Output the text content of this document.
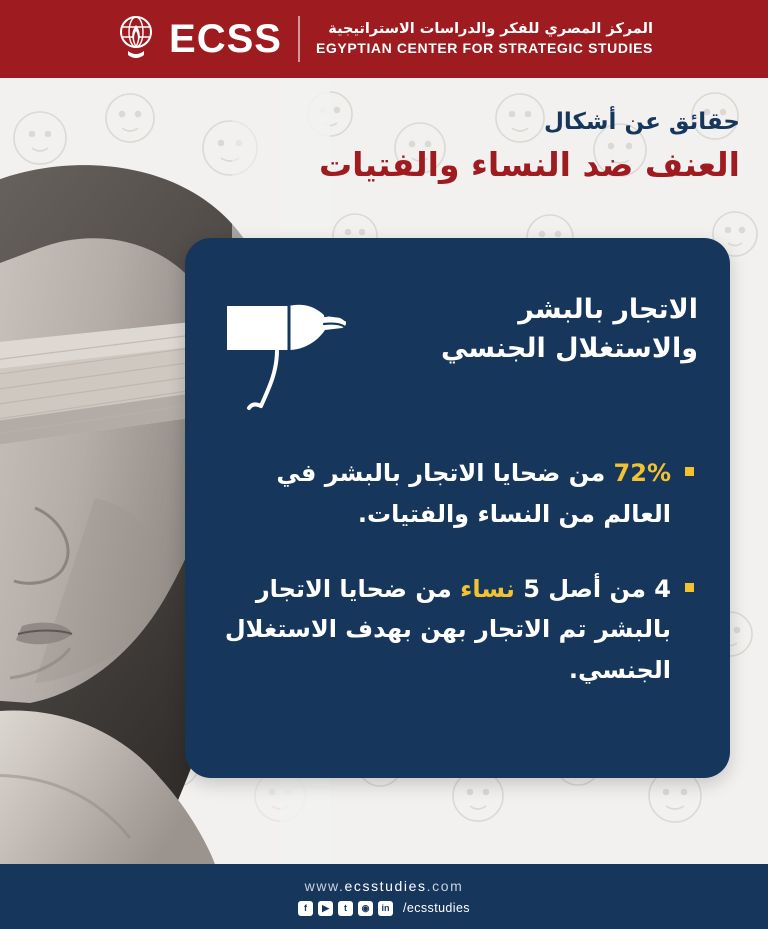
ECSS	المركز المصري للفكر والدراسات الاستراتيجية
EGYPTIAN CENTER FOR STRATEGIC STUDIES
حقائق عن أشكال
العنف ضد النساء والفتيات
الاتجار بالبشر
والاستغلال الجنسي
72% من ضحايا الاتجار بالبشر في العالم من النساء والفتيات.
4 من أصل 5 نساء من ضحايا الاتجار بالبشر تم الاتجار بهن بهدف الاستغلال الجنسي.
www.ecsstudies.com
f	▶	t	◉	in /ecsstudies
